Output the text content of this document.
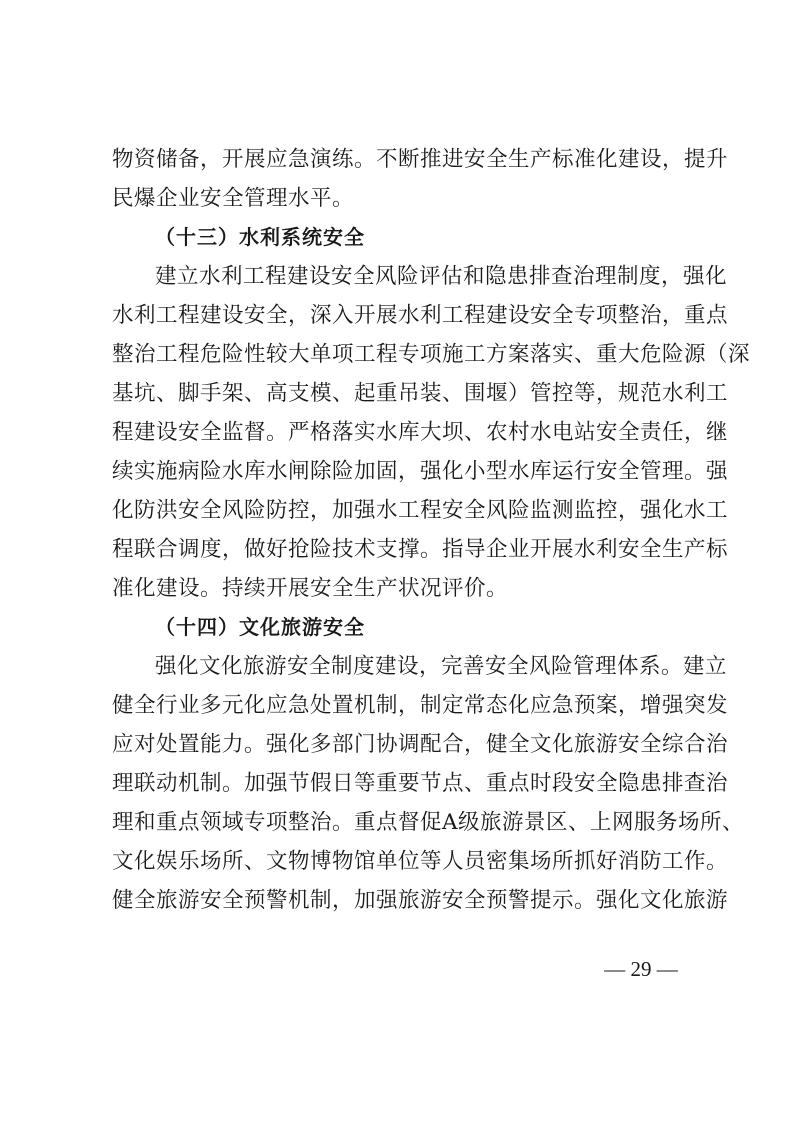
物资储备，开展应急演练。不断推进安全生产标准化建设，提升
民爆企业安全管理水平。
（十三）水利系统安全
建立水利工程建设安全风险评估和隐患排查治理制度，强化
水利工程建设安全，深入开展水利工程建设安全专项整治，重点
整治工程危险性较大单项工程专项施工方案落实、重大危险源（深
基坑、脚手架、高支模、起重吊装、围堰）管控等，规范水利工
程建设安全监督。严格落实水库大坝、农村水电站安全责任，继
续实施病险水库水闸除险加固，强化小型水库运行安全管理。强
化防洪安全风险防控，加强水工程安全风险监测监控，强化水工
程联合调度，做好抢险技术支撑。指导企业开展水利安全生产标
准化建设。持续开展安全生产状况评价。
（十四）文化旅游安全
强化文化旅游安全制度建设，完善安全风险管理体系。建立
健全行业多元化应急处置机制，制定常态化应急预案，增强突发
应对处置能力。强化多部门协调配合，健全文化旅游安全综合治
理联动机制。加强节假日等重要节点、重点时段安全隐患排查治
理和重点领域专项整治。重点督促A级旅游景区、上网服务场所、
文化娱乐场所、文物博物馆单位等人员密集场所抓好消防工作。
健全旅游安全预警机制，加强旅游安全预警提示。强化文化旅游
— 29 —
